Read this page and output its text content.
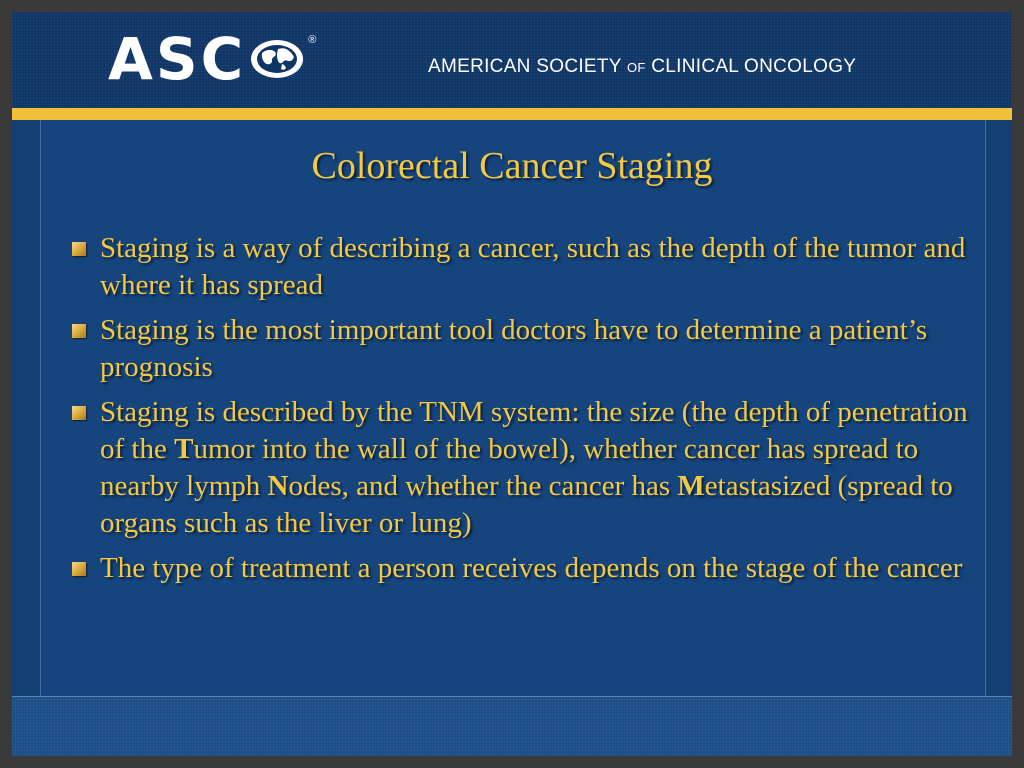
ASC	®
AMERICAN SOCIETY OF CLINICAL ONCOLOGY
Colorectal Cancer Staging
Staging is a way of describing a cancer, such as the depth of the tumor and where it has spread
Staging is the most important tool doctors have to determine a patient’s prognosis
Staging is described by the TNM system: the size (the depth of penetration of the Tumor into the wall of the bowel), whether cancer has spread to nearby lymph Nodes, and whether the cancer has Metastasized (spread to organs such as the liver or lung)
The type of treatment a person receives depends on the stage of the cancer
